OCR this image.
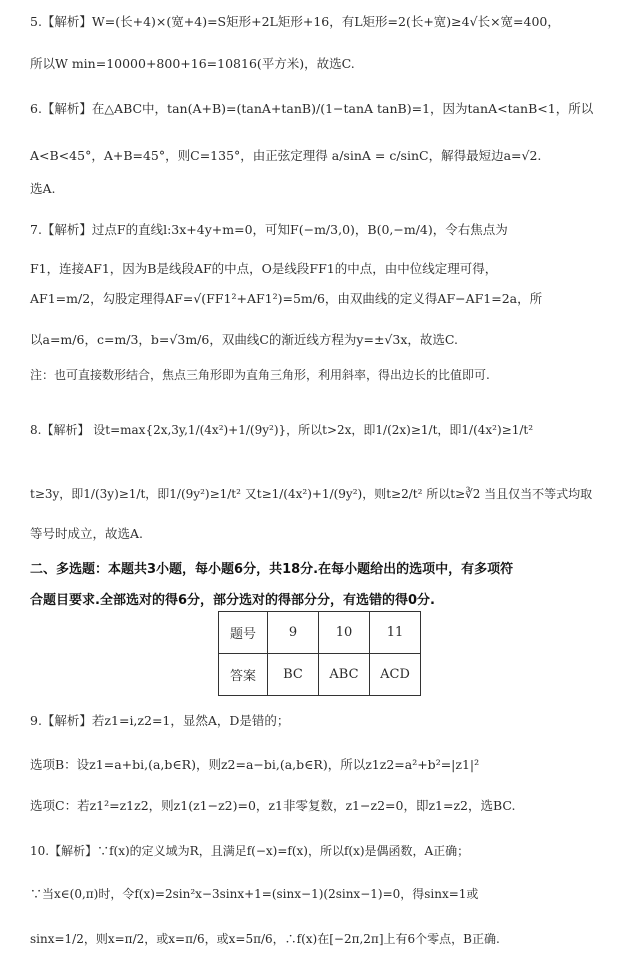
5.【解析】W=(长+4)×(宽+4)=S矩形+2L矩形+16，有L矩形=2(长+宽)≥4√长×宽=400，
所以W min=10000+800+16=10816(平方米)，故选C.
6.【解析】在△ABC中，tan(A+B)=(tanA+tanB)/(1−tanA tanB)=1，因为tanA<tanB<1，所以
A<B<45°，A+B=45°，则C=135°，由正弦定理得 a/sinA = c/sinC，解得最短边a=√2.
选A.
7.【解析】过点F的直线l:3x+4y+m=0，可知F(−m/3,0)，B(0,−m/4)，令右焦点为
F1，连接AF1，因为B是线段AF的中点，O是线段FF1的中点，由中位线定理可得，
AF1=m/2，勾股定理得AF=√(FF1²+AF1²)=5m/6，由双曲线的定义得AF−AF1=2a，所
以a=m/6，c=m/3，b=√3m/6，双曲线C的渐近线方程为y=±√3x，故选C.
注：也可直接数形结合，焦点三角形即为直角三角形，利用斜率，得出边长的比值即可.
8.【解析】 设t=max{2x,3y,1/(4x²)+1/(9y²)}，所以t>2x，即1/(2x)≥1/t，即1/(4x²)≥1/t²
t≥3y，即1/(3y)≥1/t，即1/(9y²)≥1/t² 又t≥1/(4x²)+1/(9y²)，则t≥2/t² 所以t≥∛2 当且仅当不等式均取
等号时成立，故选A.
二、多选题：本题共3小题，每小题6分，共18分.在每小题给出的选项中，有多项符
合题目要求.全部选对的得6分，部分选对的得部分分，有选错的得0分.
题号	9	10	11
答案	BC	ABC	ACD
9.【解析】若z1=i,z2=1，显然A，D是错的；
选项B：设z1=a+bi,(a,b∈R)，则z2=a−bi,(a,b∈R)，所以z1z2=a²+b²=|z1|²
选项C：若z1²=z1z2，则z1(z1−z2)=0，z1非零复数，z1−z2=0，即z1=z2，选BC.
10.【解析】∵f(x)的定义域为R，且满足f(−x)=f(x)，所以f(x)是偶函数，A正确；
∵当x∈(0,π)时，令f(x)=2sin²x−3sinx+1=(sinx−1)(2sinx−1)=0，得sinx=1或
sinx=1/2，则x=π/2，或x=π/6，或x=5π/6，∴f(x)在[−2π,2π]上有6个零点，B正确.
